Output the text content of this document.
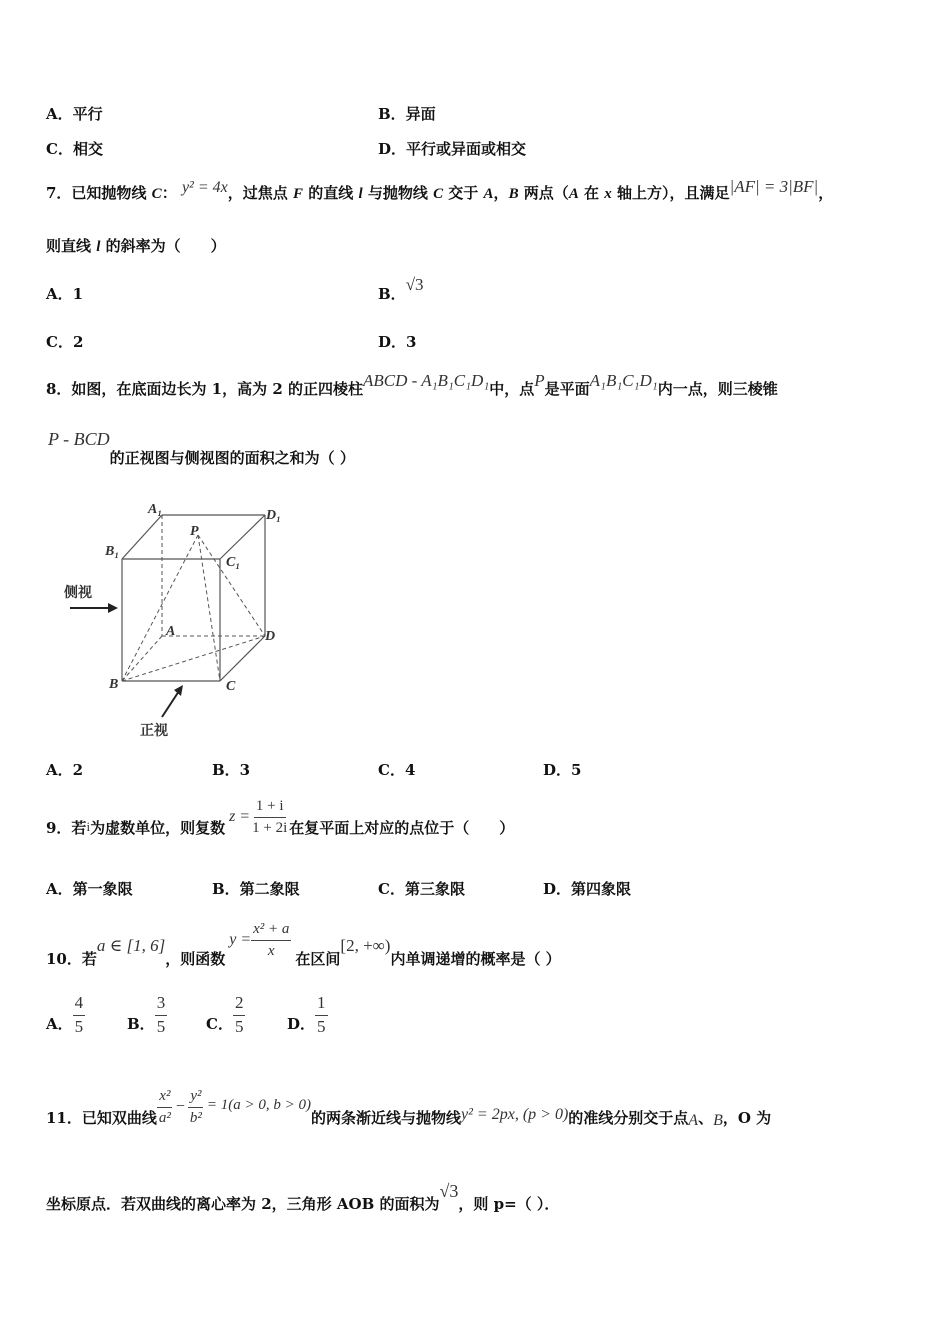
A．平行	B．异面
C．相交	D．平行或异面或相交
7．已知抛物线 C： y² = 4x，过焦点 F 的直线 l 与抛物线 C 交于 A，B 两点（A 在 x 轴上方），且满足|AF| = 3|BF|，
则直线 l 的斜率为（　　）
A．1	B．√3
C．2	D．3
8．如图，在底面边长为 1，高为 2 的正四棱柱ABCD - A₁B₁C₁D₁中，点P是平面A₁B₁C₁D₁内一点，则三棱锥
P - BCD的正视图与侧视图的面积之和为（ ）
A₁	D₁
B₁
C₁
P
A	D
B	C
侧视
正视
A．2	B．3	C．4	D．5
9．若 i 为虚数单位，则复数
$z = \frac{1 + i}{1 + 2i}$ 在复平面上对应的点位于（　　）
A．第一象限	B．第二象限	C．第三象限	D．第四象限
10．若
a ∈ [1, 6]
，则函数
$y = \frac{\text{x² + a}}{x}$ 在区间
[2, +∞)
内单调递增的概率是（ ）
A． $\frac{4}{5}$	B． $\frac{3}{5}$	C． $\frac{2}{5}$	D． $\frac{1}{5}$
11．已知双曲线 $\frac{\text{x²}}{\text{a²}} - \frac{\text{y²}}{\text{b²}} = 1(a > 0$, b > 0)
的两条渐近线与抛物线 y² = 2px, (p > 0) 的准线分别交于点 A 、 B ，O 为
坐标原点．若双曲线的离心率为 2，三角形 AOB 的面积为√3，则 p=（ ）．
